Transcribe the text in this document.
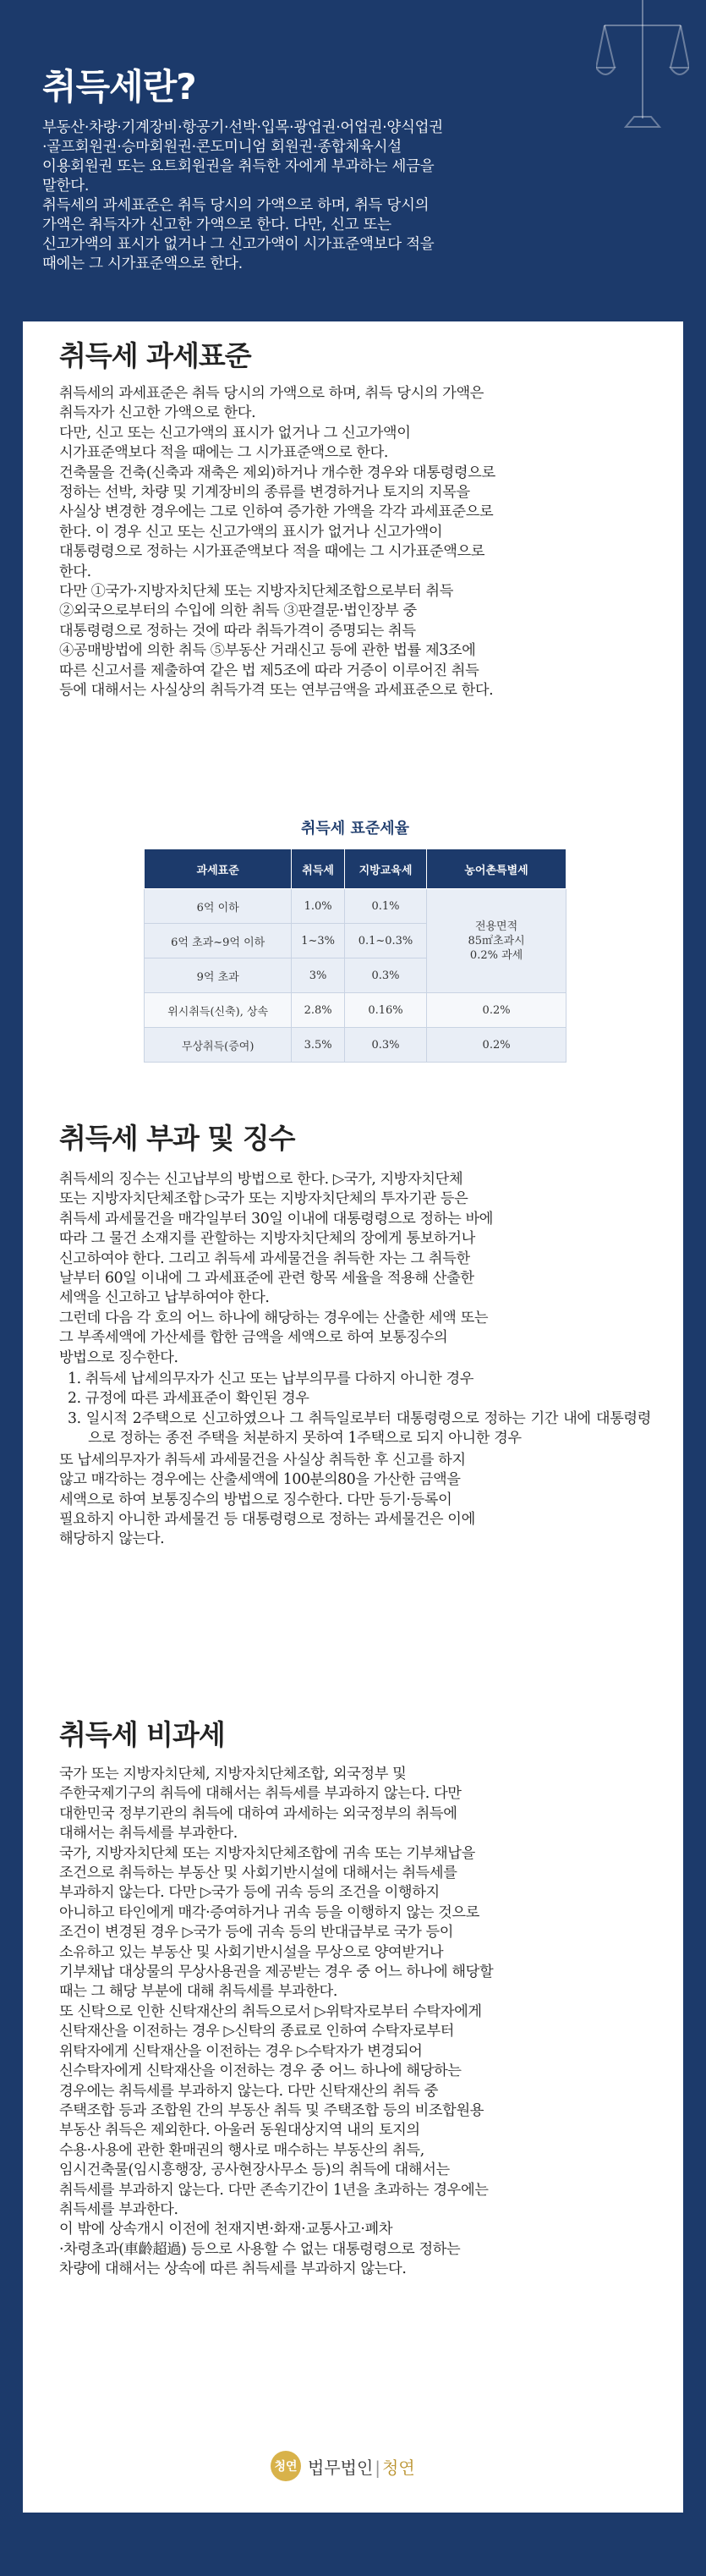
취득세란?

부동산·차량·기계장비·항공기·선박·입목·광업권·어업권·양식업권

·골프회원권·승마회원권·콘도미니엄 회원권·종합체육시설

이용회원권 또는 요트회원권을 취득한 자에게 부과하는 세금을

말한다.

취득세의 과세표준은 취득 당시의 가액으로 하며, 취득 당시의

가액은 취득자가 신고한 가액으로 한다. 다만, 신고 또는

신고가액의 표시가 없거나 그 신고가액이 시가표준액보다 적을

때에는 그 시가표준액으로 한다.

취득세 과세표준

취득세의 과세표준은 취득 당시의 가액으로 하며, 취득 당시의 가액은

취득자가 신고한 가액으로 한다.

다만, 신고 또는 신고가액의 표시가 없거나 그 신고가액이

시가표준액보다 적을 때에는 그 시가표준액으로 한다.

건축물을 건축(신축과 재축은 제외)하거나 개수한 경우와 대통령령으로

정하는 선박, 차량 및 기계장비의 종류를 변경하거나 토지의 지목을

사실상 변경한 경우에는 그로 인하여 증가한 가액을 각각 과세표준으로

한다. 이 경우 신고 또는 신고가액의 표시가 없거나 신고가액이

대통령령으로 정하는 시가표준액보다 적을 때에는 그 시가표준액으로

한다.

다만 ①국가·지방자치단체 또는 지방자치단체조합으로부터 취득

②외국으로부터의 수입에 의한 취득 ③판결문·법인장부 중

대통령령으로 정하는 것에 따라 취득가격이 증명되는 취득

④공매방법에 의한 취득 ⑤부동산 거래신고 등에 관한 법률 제3조에

따른 신고서를 제출하여 같은 법 제5조에 따라 거증이 이루어진 취득

등에 대해서는 사실상의 취득가격 또는 연부금액을 과세표준으로 한다.

취득세 표준세율

과세표준	취득세	지방교육세	농어촌특별세
6억 이하	1.0%	0.1%	전용면적
85㎡초과시
0.2% 과세
6억 초과~9억 이하	1~3%	0.1~0.3%	
9억 초과	3%	0.3%	
위시취득(신축), 상속	2.8%	0.16%	0.2%
무상취득(증여)	3.5%	0.3%	0.2%
취득세 부과 및 징수

취득세의 징수는 신고납부의 방법으로 한다. ▷국가, 지방자치단체

또는 지방자치단체조합 ▷국가 또는 지방자치단체의 투자기관 등은

취득세 과세물건을 매각일부터 30일 이내에 대통령령으로 정하는 바에

따라 그 물건 소재지를 관할하는 지방자치단체의 장에게 통보하거나

신고하여야 한다. 그리고 취득세 과세물건을 취득한 자는 그 취득한

날부터 60일 이내에 그 과세표준에 관련 항목 세율을 적용해 산출한

세액을 신고하고 납부하여야 한다.

그런데 다음 각 호의 어느 하나에 해당하는 경우에는 산출한 세액 또는

그 부족세액에 가산세를 합한 금액을 세액으로 하여 보통징수의

방법으로 징수한다.

1. 취득세 납세의무자가 신고 또는 납부의무를 다하지 아니한 경우
2. 규정에 따른 과세표준이 확인된 경우
3. 일시적 2주택으로 신고하였으나 그 취득일로부터 대통령령으로 정하는 기간 내에 대통령령으로 정하는 종전 주택을 처분하지 못하여 1주택으로 되지 아니한 경우

또 납세의무자가 취득세 과세물건을 사실상 취득한 후 신고를 하지

않고 매각하는 경우에는 산출세액에 100분의80을 가산한 금액을

세액으로 하여 보통징수의 방법으로 징수한다. 다만 등기·등록이

필요하지 아니한 과세물건 등 대통령령으로 정하는 과세물건은 이에

해당하지 않는다.

취득세 비과세

국가 또는 지방자치단체, 지방자치단체조합, 외국정부 및

주한국제기구의 취득에 대해서는 취득세를 부과하지 않는다. 다만

대한민국 정부기관의 취득에 대하여 과세하는 외국정부의 취득에

대해서는 취득세를 부과한다.

국가, 지방자치단체 또는 지방자치단체조합에 귀속 또는 기부채납을

조건으로 취득하는 부동산 및 사회기반시설에 대해서는 취득세를

부과하지 않는다. 다만 ▷국가 등에 귀속 등의 조건을 이행하지

아니하고 타인에게 매각·증여하거나 귀속 등을 이행하지 않는 것으로

조건이 변경된 경우 ▷국가 등에 귀속 등의 반대급부로 국가 등이

소유하고 있는 부동산 및 사회기반시설을 무상으로 양여받거나

기부채납 대상물의 무상사용권을 제공받는 경우 중 어느 하나에 해당할

때는 그 해당 부분에 대해 취득세를 부과한다.

또 신탁으로 인한 신탁재산의 취득으로서 ▷위탁자로부터 수탁자에게

신탁재산을 이전하는 경우 ▷신탁의 종료로 인하여 수탁자로부터

위탁자에게 신탁재산을 이전하는 경우 ▷수탁자가 변경되어

신수탁자에게 신탁재산을 이전하는 경우 중 어느 하나에 해당하는

경우에는 취득세를 부과하지 않는다. 다만 신탁재산의 취득 중

주택조합 등과 조합원 간의 부동산 취득 및 주택조합 등의 비조합원용

부동산 취득은 제외한다. 아울러 동원대상지역 내의 토지의

수용·사용에 관한 환매권의 행사로 매수하는 부동산의 취득,

임시건축물(임시흥행장, 공사현장사무소 등)의 취득에 대해서는

취득세를 부과하지 않는다. 다만 존속기간이 1년을 초과하는 경우에는

취득세를 부과한다.

이 밖에 상속개시 이전에 천재지변·화재·교통사고·폐차

·차령초과(車齡超過) 등으로 사용할 수 없는 대통령령으로 정하는

차량에 대해서는 상속에 따른 취득세를 부과하지 않는다.

청연 법무법인 | 청연
